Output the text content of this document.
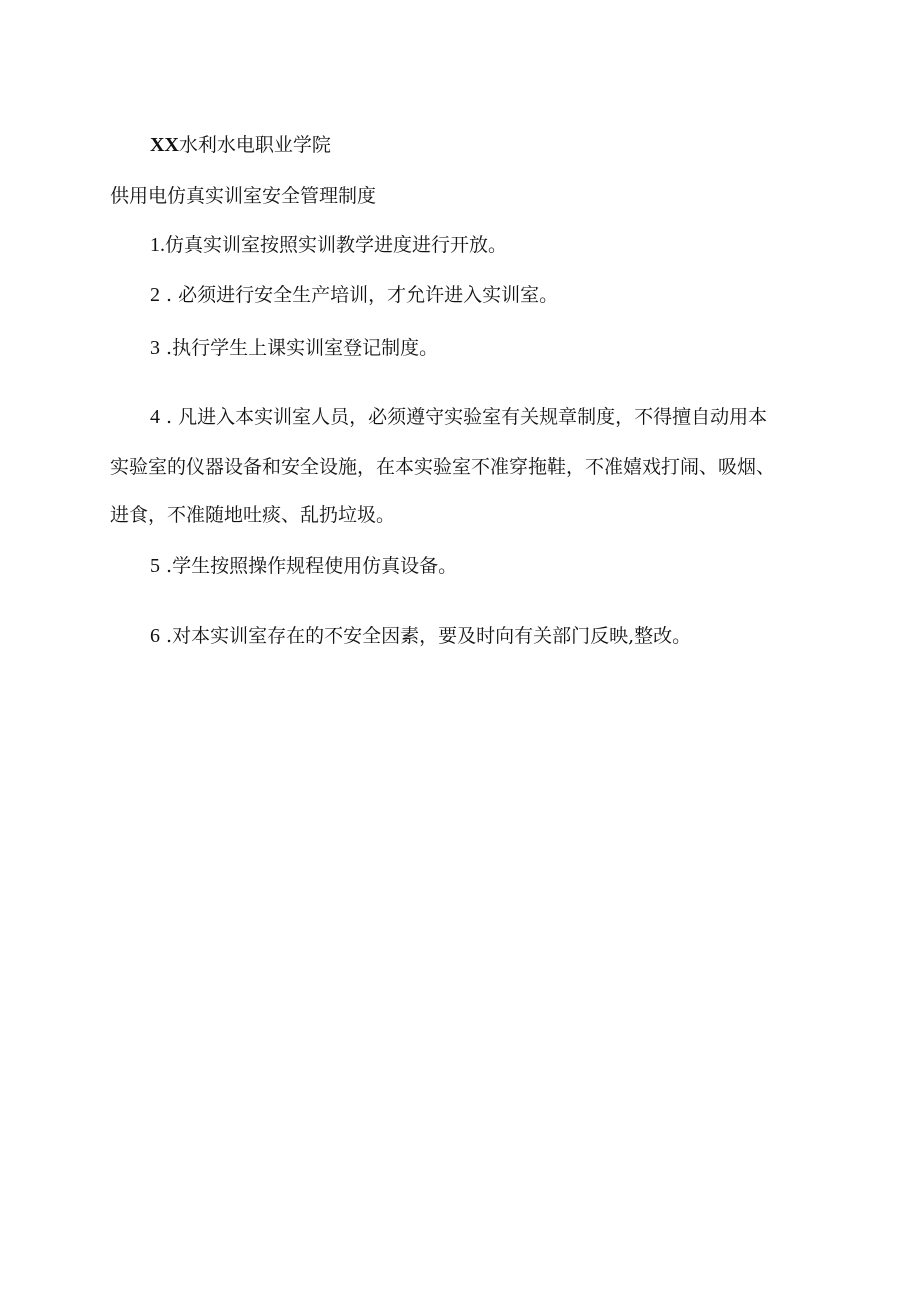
XX水利水电职业学院
供用电仿真实训室安全管理制度
1.仿真实训室按照实训教学进度进行开放。
2 . 必须进行安全生产培训，才允许进入实训室。
3 .执行学生上课实训室登记制度。
4 . 凡进入本实训室人员，必须遵守实验室有关规章制度，不得擅自动用本
实验室的仪器设备和安全设施，在本实验室不准穿拖鞋，不准嬉戏打闹、吸烟、
进食，不准随地吐痰、乱扔垃圾。
5 .学生按照操作规程使用仿真设备。
6 .对本实训室存在的不安全因素，要及时向有关部门反映,整改。
